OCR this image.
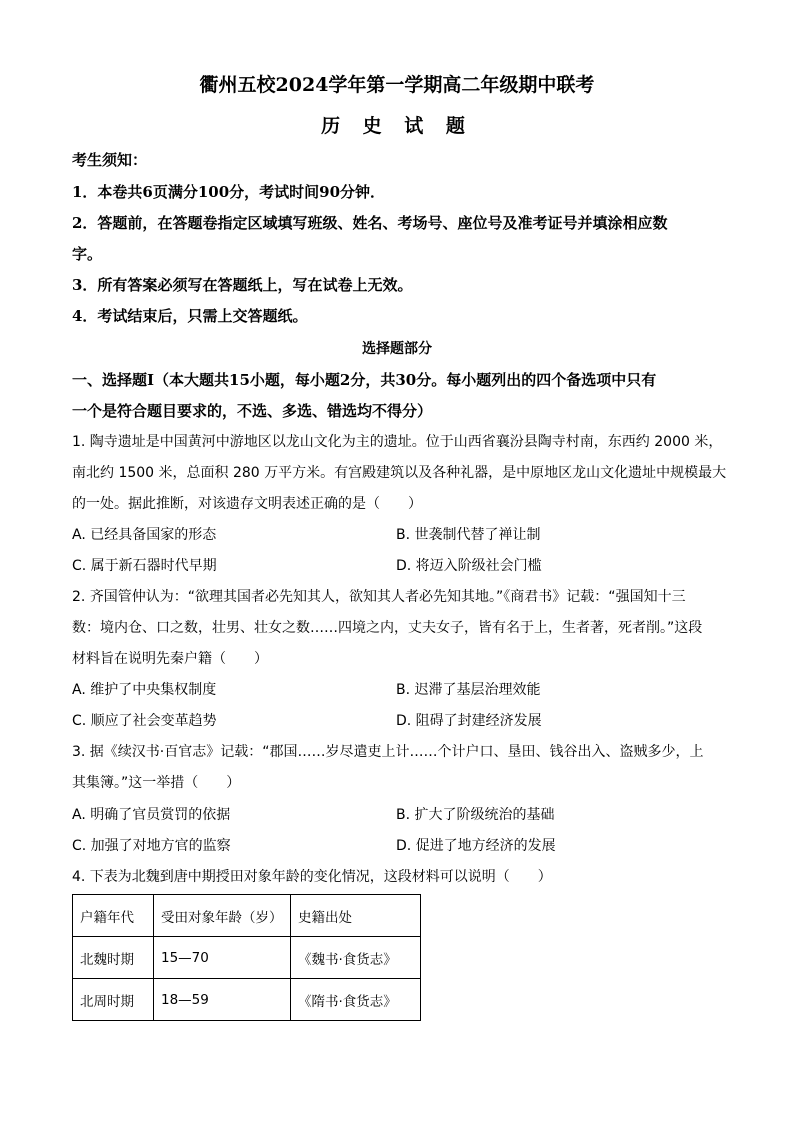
衢州五校2024学年第一学期高二年级期中联考
历 史 试 题
考生须知：
1．本卷共6页满分100分，考试时间90分钟．
2．答题前，在答题卷指定区域填写班级、姓名、考场号、座位号及准考证号并填涂相应数
字。
3．所有答案必须写在答题纸上，写在试卷上无效。
4．考试结束后，只需上交答题纸。
选择题部分
一、选择题Ⅰ（本大题共15小题，每小题2分，共30分。每小题列出的四个备选项中只有
一个是符合题目要求的，不选、多选、错选均不得分）
1. 陶寺遗址是中国黄河中游地区以龙山文化为主的遗址。位于山西省襄汾县陶寺村南，东西约 2000 米，
南北约 1500 米，总面积 280 万平方米。有宫殿建筑以及各种礼器，是中原地区龙山文化遗址中规模最大
的一处。据此推断，对该遗存文明表述正确的是（　　）
A. 已经具备国家的形态	B. 世袭制代替了禅让制
C. 属于新石器时代早期	D. 将迈入阶级社会门槛
2. 齐国管仲认为：“欲理其国者必先知其人，欲知其人者必先知其地。”《商君书》记载：“强国知十三
数：境内仓、口之数，壮男、壮女之数……四境之内，丈夫女子，皆有名于上，生者著，死者削。”这段
材料旨在说明先秦户籍（　　）
A. 维护了中央集权制度	B. 迟滞了基层治理效能
C. 顺应了社会变革趋势	D. 阻碍了封建经济发展
3. 据《续汉书·百官志》记载：“郡国……岁尽遣吏上计……个计户口、垦田、钱谷出入、盗贼多少，上
其集簿。”这一举措（　　）
A. 明确了官员赏罚的依据	B. 扩大了阶级统治的基础
C. 加强了对地方官的监察	D. 促进了地方经济的发展
4. 下表为北魏到唐中期授田对象年龄的变化情况，这段材料可以说明（　　）
户籍年代	受田对象年龄（岁）	史籍出处
北魏时期	15—70	《魏书·食货志》
北周时期	18—59	《隋书·食货志》
